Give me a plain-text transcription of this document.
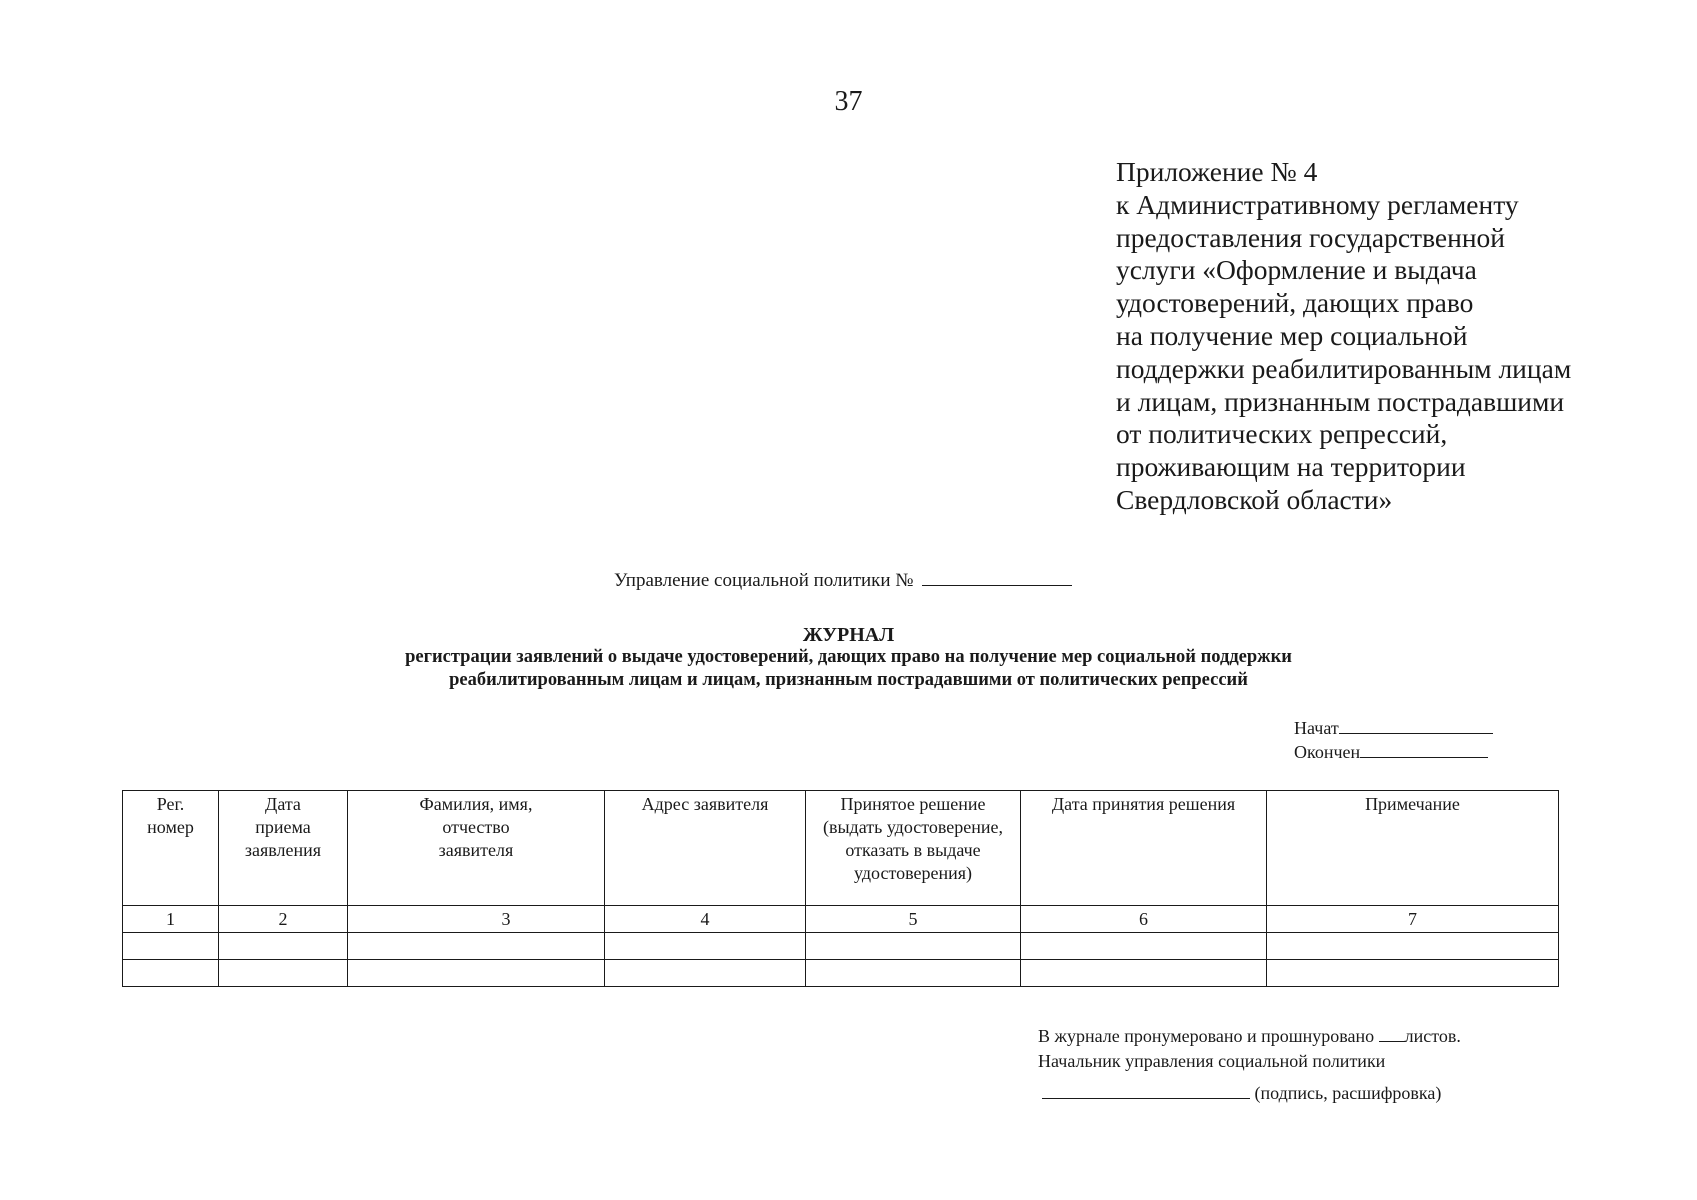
37
Приложение № 4
к Административному регламенту
предоставления государственной
услуги «Оформление и выдача
удостоверений, дающих право
на получение мер социальной
поддержки реабилитированным лицам
и лицам, признанным пострадавшими
от политических репрессий,
проживающим на территории
Свердловской области»
Управление социальной политики №
ЖУРНАЛ
регистрации заявлений о выдаче удостоверений, дающих право на получение мер социальной поддержки
реабилитированным лицам и лицам, признанным пострадавшими от политических репрессий
Начат
Окончен
Рег. номер	Дата приема заявления	Фамилия, имя, отчество заявителя	Адрес заявителя	Принятое решение (выдать удостоверение, отказать в выдаче удостоверения)	Дата принятия решения	Примечание
1	2	3	4	5	6	7

В журнале пронумеровано и прошнуровано листов.
Начальник управления социальной политики
(подпись, расшифровка)
